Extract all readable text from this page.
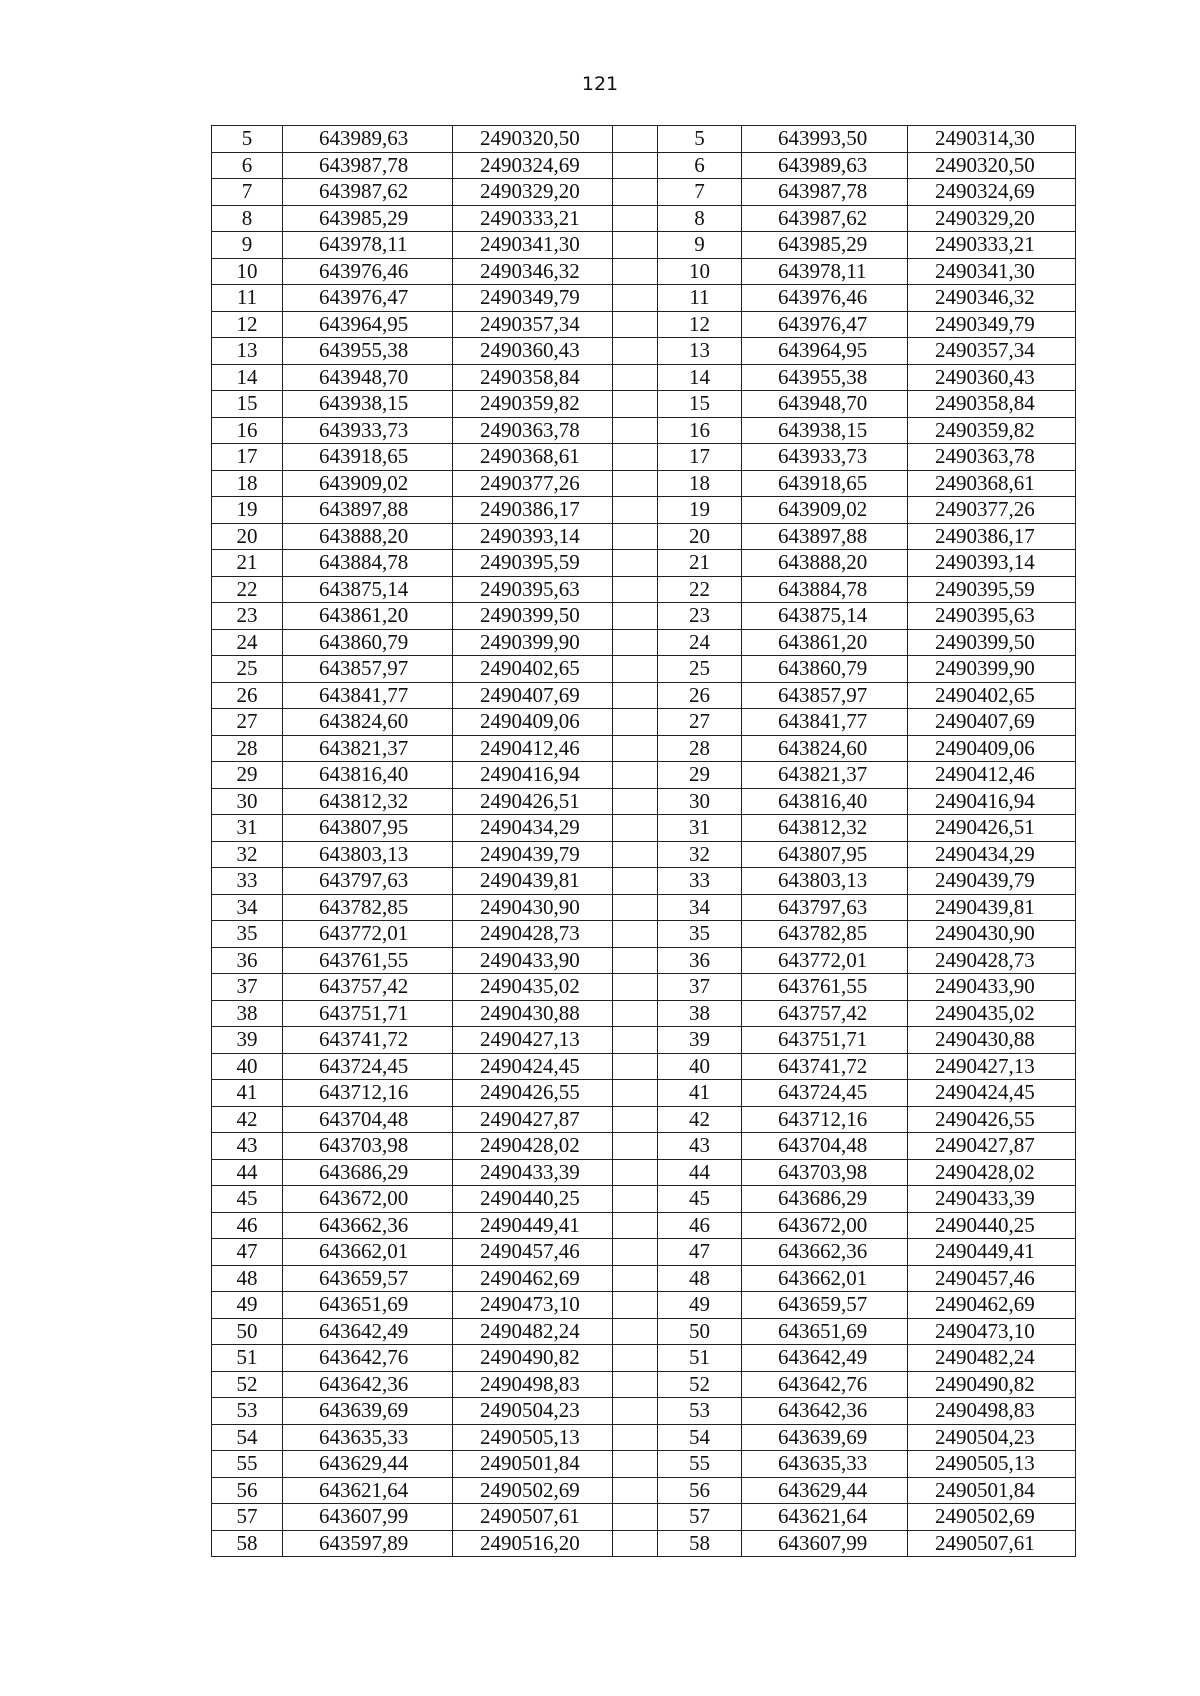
121
5	643989,63	2490320,50		5	643993,50	2490314,30
6	643987,78	2490324,69		6	643989,63	2490320,50
7	643987,62	2490329,20		7	643987,78	2490324,69
8	643985,29	2490333,21		8	643987,62	2490329,20
9	643978,11	2490341,30		9	643985,29	2490333,21
10	643976,46	2490346,32		10	643978,11	2490341,30
11	643976,47	2490349,79		11	643976,46	2490346,32
12	643964,95	2490357,34		12	643976,47	2490349,79
13	643955,38	2490360,43		13	643964,95	2490357,34
14	643948,70	2490358,84		14	643955,38	2490360,43
15	643938,15	2490359,82		15	643948,70	2490358,84
16	643933,73	2490363,78		16	643938,15	2490359,82
17	643918,65	2490368,61		17	643933,73	2490363,78
18	643909,02	2490377,26		18	643918,65	2490368,61
19	643897,88	2490386,17		19	643909,02	2490377,26
20	643888,20	2490393,14		20	643897,88	2490386,17
21	643884,78	2490395,59		21	643888,20	2490393,14
22	643875,14	2490395,63		22	643884,78	2490395,59
23	643861,20	2490399,50		23	643875,14	2490395,63
24	643860,79	2490399,90		24	643861,20	2490399,50
25	643857,97	2490402,65		25	643860,79	2490399,90
26	643841,77	2490407,69		26	643857,97	2490402,65
27	643824,60	2490409,06		27	643841,77	2490407,69
28	643821,37	2490412,46		28	643824,60	2490409,06
29	643816,40	2490416,94		29	643821,37	2490412,46
30	643812,32	2490426,51		30	643816,40	2490416,94
31	643807,95	2490434,29		31	643812,32	2490426,51
32	643803,13	2490439,79		32	643807,95	2490434,29
33	643797,63	2490439,81		33	643803,13	2490439,79
34	643782,85	2490430,90		34	643797,63	2490439,81
35	643772,01	2490428,73		35	643782,85	2490430,90
36	643761,55	2490433,90		36	643772,01	2490428,73
37	643757,42	2490435,02		37	643761,55	2490433,90
38	643751,71	2490430,88		38	643757,42	2490435,02
39	643741,72	2490427,13		39	643751,71	2490430,88
40	643724,45	2490424,45		40	643741,72	2490427,13
41	643712,16	2490426,55		41	643724,45	2490424,45
42	643704,48	2490427,87		42	643712,16	2490426,55
43	643703,98	2490428,02		43	643704,48	2490427,87
44	643686,29	2490433,39		44	643703,98	2490428,02
45	643672,00	2490440,25		45	643686,29	2490433,39
46	643662,36	2490449,41		46	643672,00	2490440,25
47	643662,01	2490457,46		47	643662,36	2490449,41
48	643659,57	2490462,69		48	643662,01	2490457,46
49	643651,69	2490473,10		49	643659,57	2490462,69
50	643642,49	2490482,24		50	643651,69	2490473,10
51	643642,76	2490490,82		51	643642,49	2490482,24
52	643642,36	2490498,83		52	643642,76	2490490,82
53	643639,69	2490504,23		53	643642,36	2490498,83
54	643635,33	2490505,13		54	643639,69	2490504,23
55	643629,44	2490501,84		55	643635,33	2490505,13
56	643621,64	2490502,69		56	643629,44	2490501,84
57	643607,99	2490507,61		57	643621,64	2490502,69
58	643597,89	2490516,20		58	643607,99	2490507,61
